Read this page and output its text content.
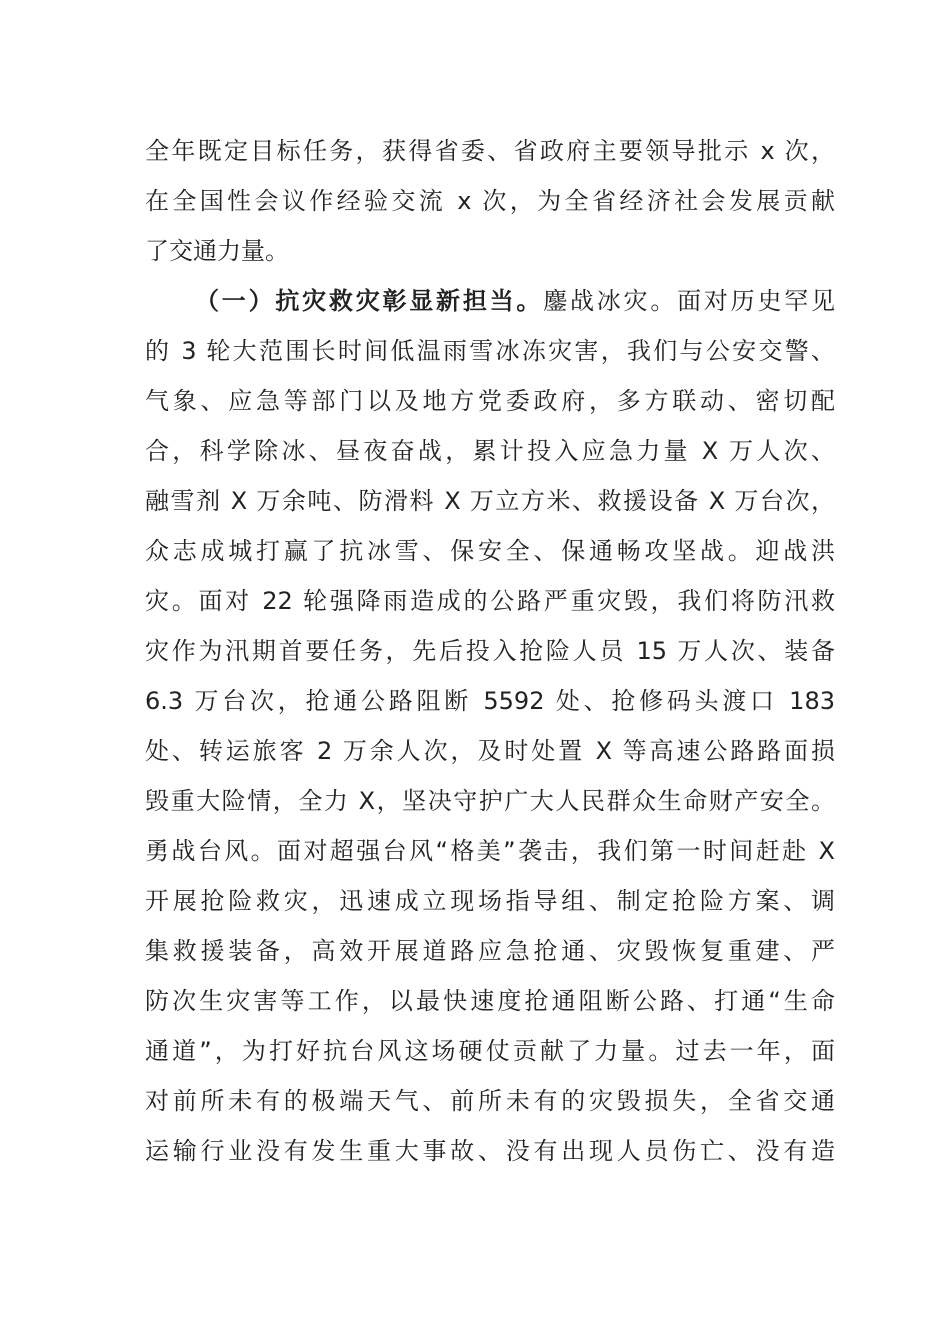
全年既定目标任务，获得省委、省政府主要领导批示 x 次，
在全国性会议作经验交流 x 次，为全省经济社会发展贡献
了交通力量。
（一）抗灾救灾彰显新担当。鏖战冰灾。面对历史罕见
的 3 轮大范围长时间低温雨雪冰冻灾害，我们与公安交警、
气象、应急等部门以及地方党委政府，多方联动、密切配
合，科学除冰、昼夜奋战，累计投入应急力量 X 万人次、
融雪剂 X 万余吨、防滑料 X 万立方米、救援设备 X 万台次，
众志成城打赢了抗冰雪、保安全、保通畅攻坚战。迎战洪
灾。面对 22 轮强降雨造成的公路严重灾毁，我们将防汛救
灾作为汛期首要任务，先后投入抢险人员 15 万人次、装备
6.3 万台次，抢通公路阻断 5592 处、抢修码头渡口 183
处、转运旅客 2 万余人次，及时处置 X 等高速公路路面损
毁重大险情，全力 X，坚决守护广大人民群众生命财产安全。
勇战台风。面对超强台风“格美”袭击，我们第一时间赶赴 X
开展抢险救灾，迅速成立现场指导组、制定抢险方案、调
集救援装备，高效开展道路应急抢通、灾毁恢复重建、严
防次生灾害等工作，以最快速度抢通阻断公路、打通“生命
通道”，为打好抗台风这场硬仗贡献了力量。过去一年，面
对前所未有的极端天气、前所未有的灾毁损失，全省交通
运输行业没有发生重大事故、没有出现人员伤亡、没有造
